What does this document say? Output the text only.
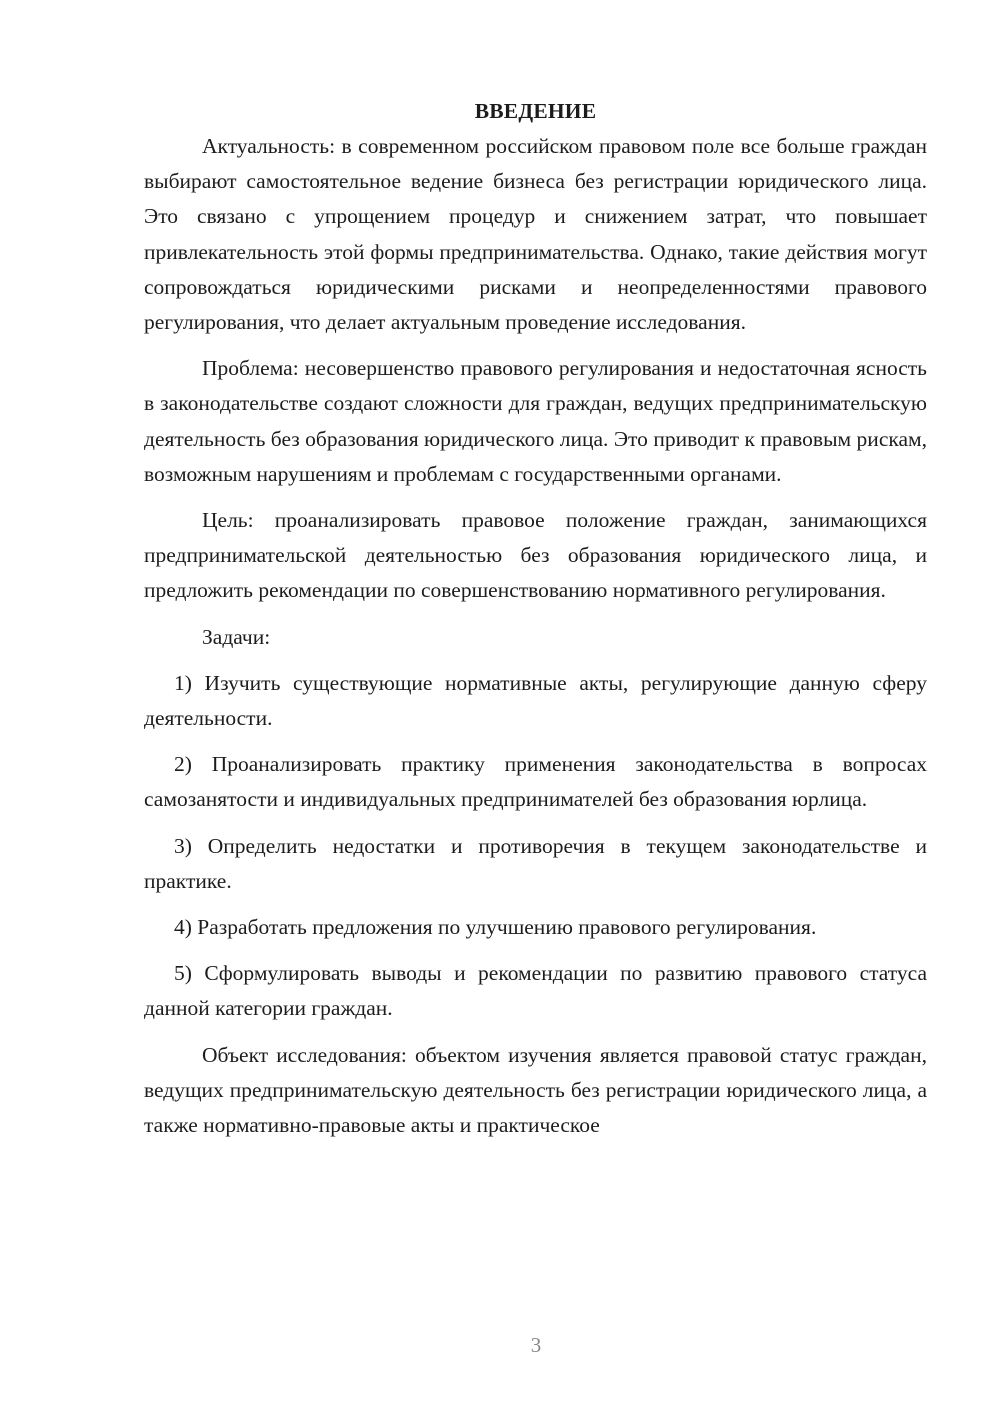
ВВЕДЕНИЕ

Актуальность: в современном российском правовом поле все больше граждан выбирают самостоятельное ведение бизнеса без регистрации юридического лица. Это связано с упрощением процедур и снижением затрат, что повышает привлекательность этой формы предпринимательства. Однако, такие действия могут сопровождаться юридическими рисками и неопределенностями правового регулирования, что делает актуальным проведение исследования.

Проблема: несовершенство правового регулирования и недостаточная ясность в законодательстве создают сложности для граждан, ведущих предпринимательскую деятельность без образования юридического лица. Это приводит к правовым рискам, возможным нарушениям и проблемам с государственными органами.

Цель: проанализировать правовое положение граждан, занимающихся предпринимательской деятельностью без образования юридического лица, и предложить рекомендации по совершенствованию нормативного регулирования.

Задачи:

1) Изучить существующие нормативные акты, регулирующие данную сферу деятельности.

2) Проанализировать практику применения законодательства в вопросах самозанятости и индивидуальных предпринимателей без образования юрлица.

3) Определить недостатки и противоречия в текущем законодательстве и практике.

4) Разработать предложения по улучшению правового регулирования.

5) Сформулировать выводы и рекомендации по развитию правового статуса данной категории граждан.

Объект исследования: объектом изучения является правовой статус граждан, ведущих предпринимательскую деятельность без регистрации юридического лица, а также нормативно-правовые акты и практическое

3
